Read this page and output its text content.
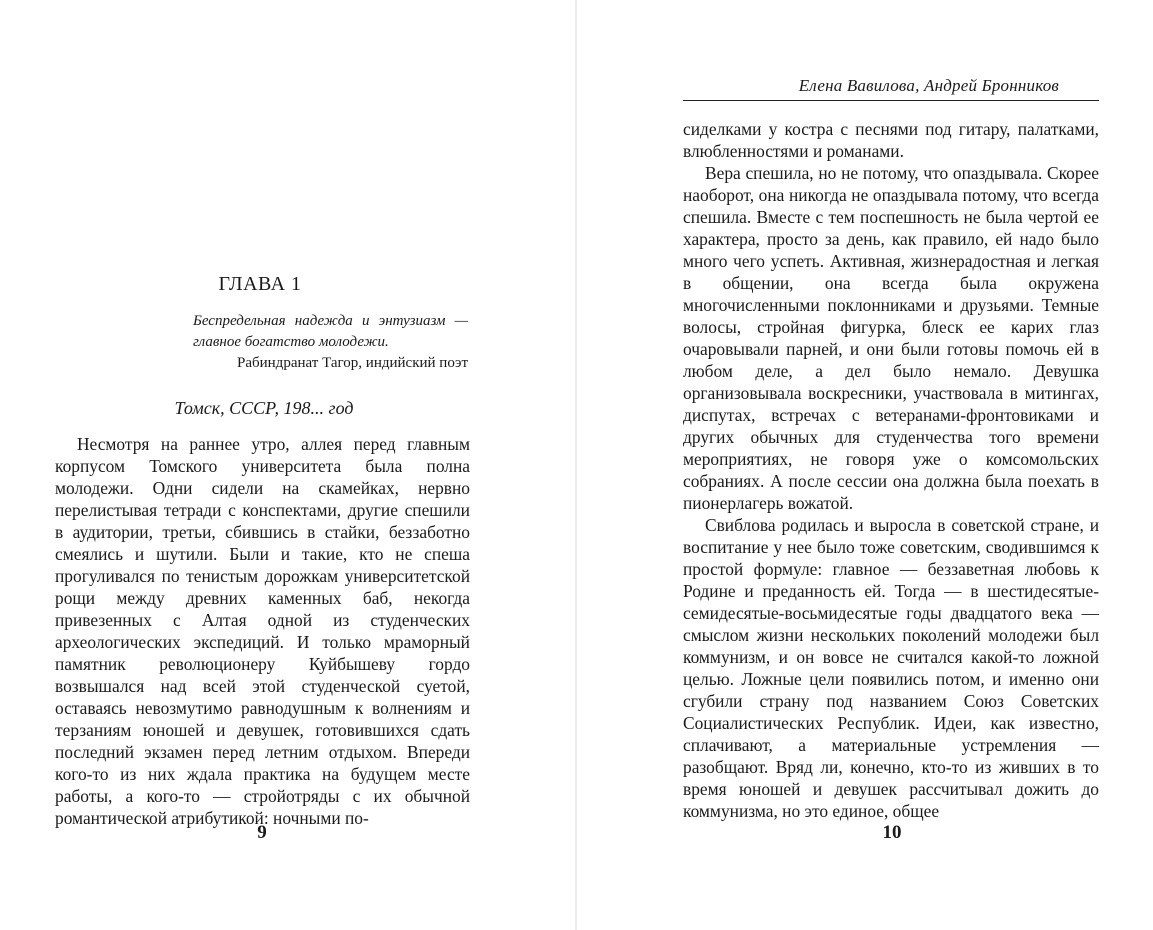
ГЛАВА 1
Беспредельная надежда и энтузиазм — главное богатство молодежи.
Рабиндранат Тагор, индийский поэт
Томск, СССР, 198... год

Несмотря на раннее утро, аллея перед главным корпусом Томского университета была полна молодежи. Одни сидели на скамейках, нервно перелистывая тетради с конспектами, другие спешили в аудитории, третьи, сбившись в стайки, беззаботно смеялись и шутили. Были и такие, кто не спеша прогуливался по тенистым дорожкам университетской рощи между древних каменных баб, некогда привезенных с Алтая одной из студенческих археологических экспедиций. И только мраморный памятник революционеру Куйбышеву гордо возвышался над всей этой студенческой суетой, оставаясь невозмутимо равнодушным к волнениям и терзаниям юношей и девушек, готовившихся сдать последний экзамен перед летним отдыхом. Впереди кого-то из них ждала практика на будущем месте работы, а кого-то — стройотряды с их обычной романтической атрибутикой: ночными по-

9
Елена Вавилова, Андрей Бронников

сиделками у костра с песнями под гитару, палатками, влюбленностями и романами.

Вера спешила, но не потому, что опаздывала. Скорее наоборот, она никогда не опаздывала потому, что всегда спешила. Вместе с тем поспешность не была чертой ее характера, просто за день, как правило, ей надо было много чего успеть. Активная, жизнерадостная и легкая в общении, она всегда была окружена многочисленными поклонниками и друзьями. Темные волосы, стройная фигурка, блеск ее карих глаз очаровывали парней, и они были готовы помочь ей в любом деле, а дел было немало. Девушка организовывала воскресники, участвовала в митингах, диспутах, встречах с ветеранами-фронтовиками и других обычных для студенчества того времени мероприятиях, не говоря уже о комсомольских собраниях. А после сессии она должна была поехать в пионерлагерь вожатой.

Свиблова родилась и выросла в советской стране, и воспитание у нее было тоже советским, сводившимся к простой формуле: главное — беззаветная любовь к Родине и преданность ей. Тогда — в шестидесятые-семидесятые-восьмидесятые годы двадцатого века — смыслом жизни нескольких поколений молодежи был коммунизм, и он вовсе не считался какой-то ложной целью. Ложные цели появились потом, и именно они сгубили страну под названием Союз Советских Социалистических Республик. Идеи, как известно, сплачивают, а материальные устремления — разобщают. Вряд ли, конечно, кто-то из живших в то время юношей и девушек рассчитывал дожить до коммунизма, но это единое, общее

10
